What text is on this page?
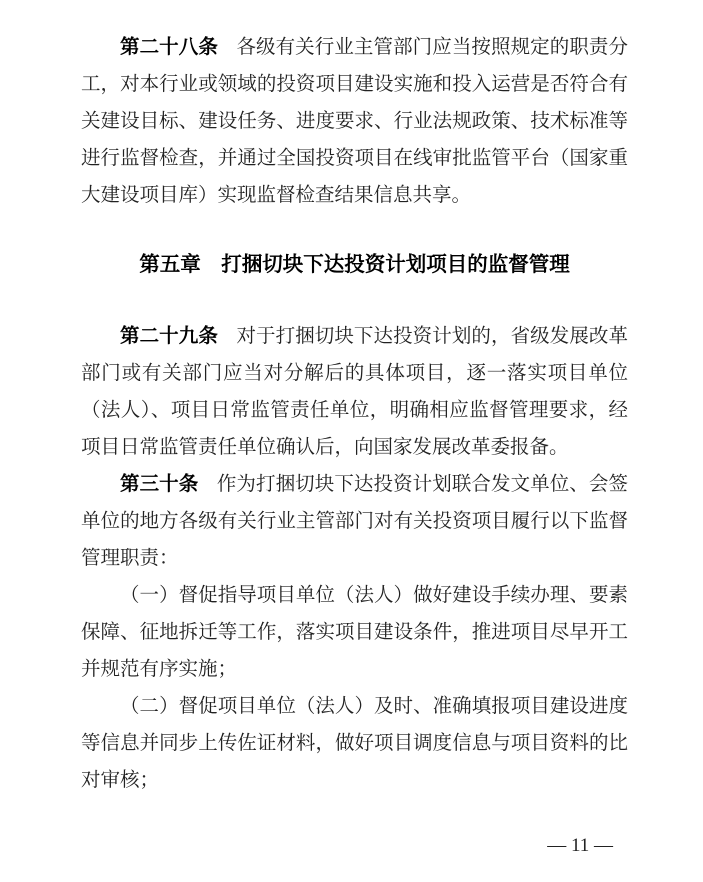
第二十八条 各级有关行业主管部门应当按照规定的职责分工，对本行业或领域的投资项目建设实施和投入运营是否符合有关建设目标、建设任务、进度要求、行业法规政策、技术标准等进行监督检查，并通过全国投资项目在线审批监管平台（国家重大建设项目库）实现监督检查结果信息共享。

第五章 打捆切块下达投资计划项目的监督管理

第二十九条 对于打捆切块下达投资计划的，省级发展改革部门或有关部门应当对分解后的具体项目，逐一落实项目单位（法人）、项目日常监管责任单位，明确相应监督管理要求，经项目日常监管责任单位确认后，向国家发展改革委报备。

第三十条 作为打捆切块下达投资计划联合发文单位、会签单位的地方各级有关行业主管部门对有关投资项目履行以下监督管理职责：

（一）督促指导项目单位（法人）做好建设手续办理、要素保障、征地拆迁等工作，落实项目建设条件，推进项目尽早开工并规范有序实施；

（二）督促项目单位（法人）及时、准确填报项目建设进度等信息并同步上传佐证材料，做好项目调度信息与项目资料的比对审核；

— 11 —
